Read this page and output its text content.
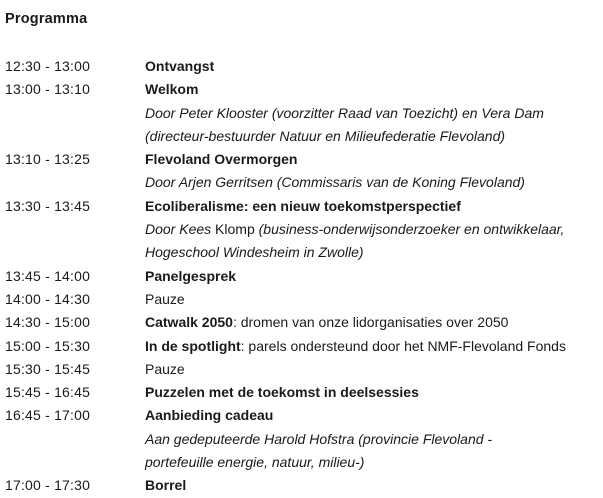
Programma
12:30 - 13:00	Ontvangst
13:00 - 13:10	Welkom
Door Peter Klooster (voorzitter Raad van Toezicht) en Vera Dam
(directeur-bestuurder Natuur en Milieufederatie Flevoland)
13:10 - 13:25	Flevoland Overmorgen
Door Arjen Gerritsen (Commissaris van de Koning Flevoland)
13:30 - 13:45	Ecoliberalisme: een nieuw toekomstperspectief
Door Kees Klomp (business-onderwijsonderzoeker en ontwikkelaar,
Hogeschool Windesheim in Zwolle)
13:45 - 14:00	Panelgesprek
14:00 - 14:30	Pauze
14:30 - 15:00	Catwalk 2050: dromen van onze lidorganisaties over 2050
15:00 - 15:30	In de spotlight: parels ondersteund door het NMF-Flevoland Fonds
15:30 - 15:45	Pauze
15:45 - 16:45	Puzzelen met de toekomst in deelsessies
16:45 - 17:00	Aanbieding cadeau
Aan gedeputeerde Harold Hofstra (provincie Flevoland -
portefeuille energie, natuur, milieu-)
17:00 - 17:30	Borrel
